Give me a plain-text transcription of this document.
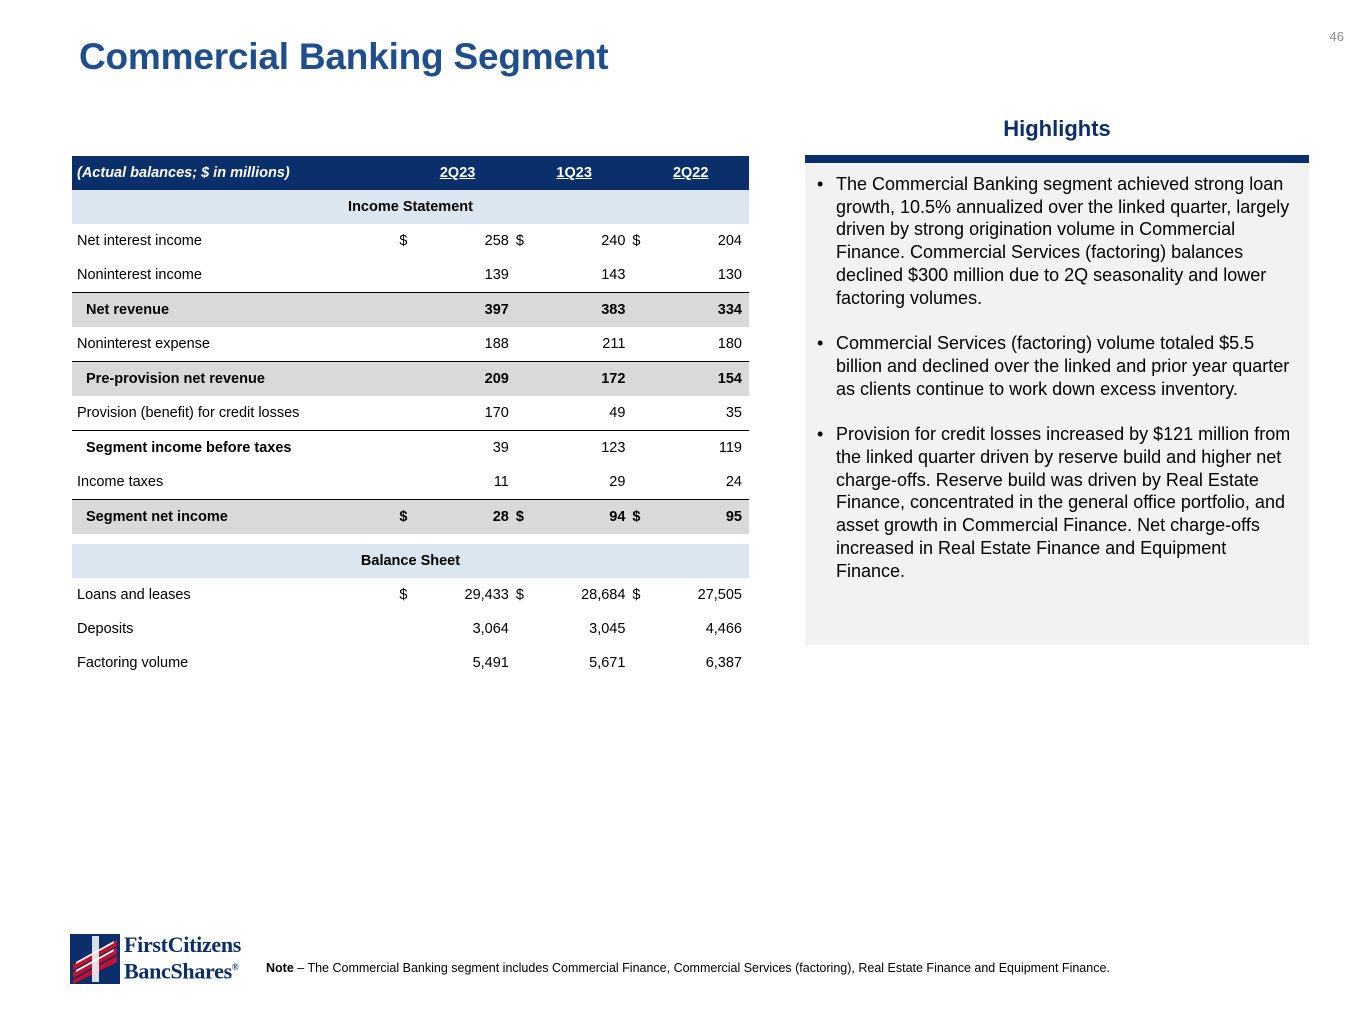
46
Commercial Banking Segment
(Actual balances; $ in millions)	2Q23		1Q23		2Q22	
Income Statement						
Net interest income	$	258	$	240	$	204
Noninterest income		139		143		130
Net revenue		397		383		334
Noninterest expense		188		211		180
Pre-provision net revenue		209		172		154
Provision (benefit) for credit losses		170		49		35
Segment income before taxes		39		123		119
Income taxes		11		29		24
Segment net income	$	28	$	94	$	95

Balance Sheet						
Loans and leases	$	29,433	$	28,684	$	27,505
Deposits		3,064		3,045		4,466
Factoring volume		5,491		5,671		6,387
Highlights
• The Commercial Banking segment achieved strong loan growth, 10.5% annualized over the linked quarter, largely driven by strong origination volume in Commercial Finance. Commercial Services (factoring) balances declined $300 million due to 2Q seasonality and lower factoring volumes.
• Commercial Services (factoring) volume totaled $5.5 billion and declined over the linked and prior year quarter as clients continue to work down excess inventory.
• Provision for credit losses increased by $121 million from the linked quarter driven by reserve build and higher net charge-offs. Reserve build was driven by Real Estate Finance, concentrated in the general office portfolio, and asset growth in Commercial Finance. Net charge-offs increased in Real Estate Finance and Equipment Finance.
FirstCitizens
BancShares® Note – The Commercial Banking segment includes Commercial Finance, Commercial Services (factoring), Real Estate Finance and Equipment Finance.
